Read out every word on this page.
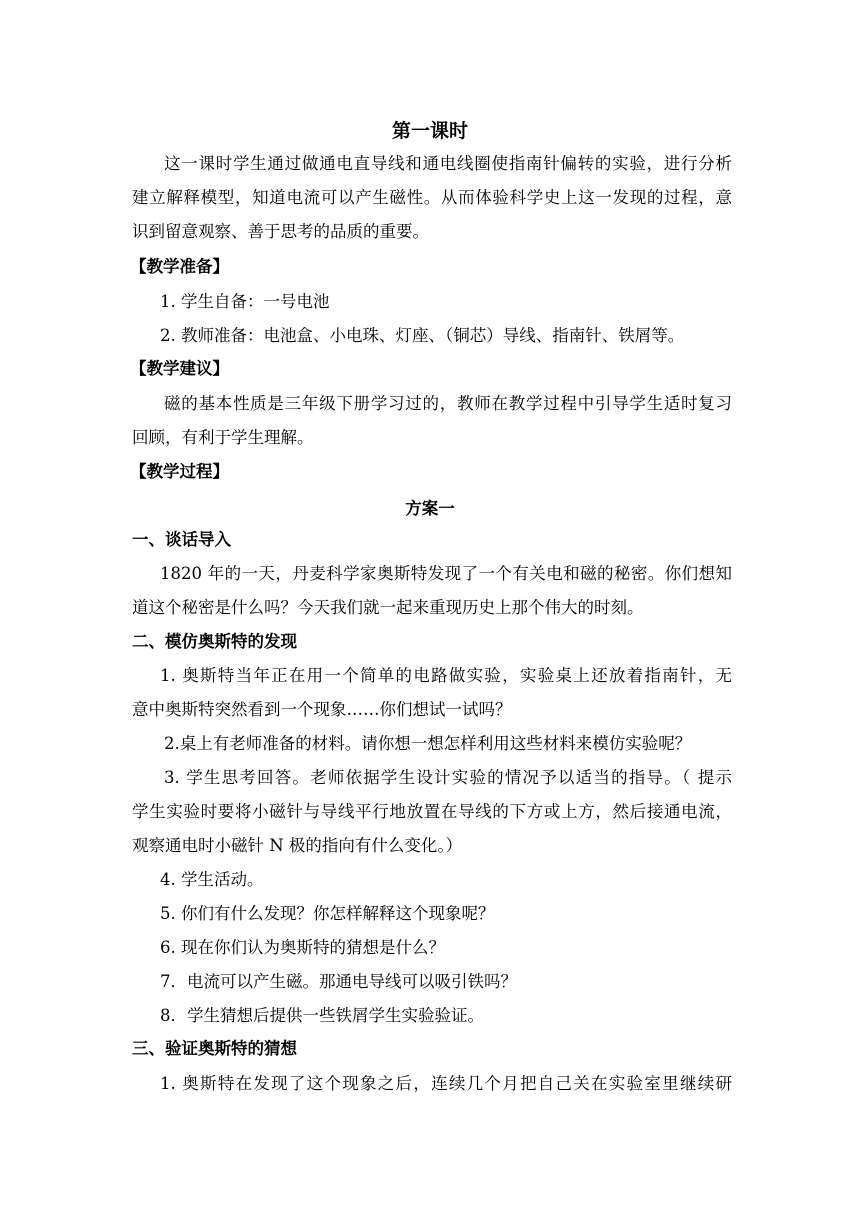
第一课时
这一课时学生通过做通电直导线和通电线圈使指南针偏转的实验，进行分析
建立解释模型，知道电流可以产生磁性。从而体验科学史上这一发现的过程，意
识到留意观察、善于思考的品质的重要。
【教学准备】
1. 学生自备：一号电池
2. 教师准备：电池盒、小电珠、灯座、（铜芯）导线、指南针、铁屑等。
【教学建议】
磁的基本性质是三年级下册学习过的，教师在教学过程中引导学生适时复习
回顾，有利于学生理解。
【教学过程】
方案一
一、谈话导入
1820 年的一天，丹麦科学家奥斯特发现了一个有关电和磁的秘密。你们想知
道这个秘密是什么吗？今天我们就一起来重现历史上那个伟大的时刻。
二、模仿奥斯特的发现
1. 奥斯特当年正在用一个简单的电路做实验，实验桌上还放着指南针，无
意中奥斯特突然看到一个现象……你们想试一试吗？
2.桌上有老师准备的材料。请你想一想怎样利用这些材料来模仿实验呢？
3. 学生思考回答。老师依据学生设计实验的情况予以适当的指导。（ 提示
学生实验时要将小磁针与导线平行地放置在导线的下方或上方，然后接通电流，
观察通电时小磁针 N 极的指向有什么变化。）
4. 学生活动。
5. 你们有什么发现？你怎样解释这个现象呢？
6. 现在你们认为奥斯特的猜想是什么？
7．电流可以产生磁。那通电导线可以吸引铁吗？
8．学生猜想后提供一些铁屑学生实验验证。
三、验证奥斯特的猜想
1. 奥斯特在发现了这个现象之后，连续几个月把自己关在实验室里继续研
